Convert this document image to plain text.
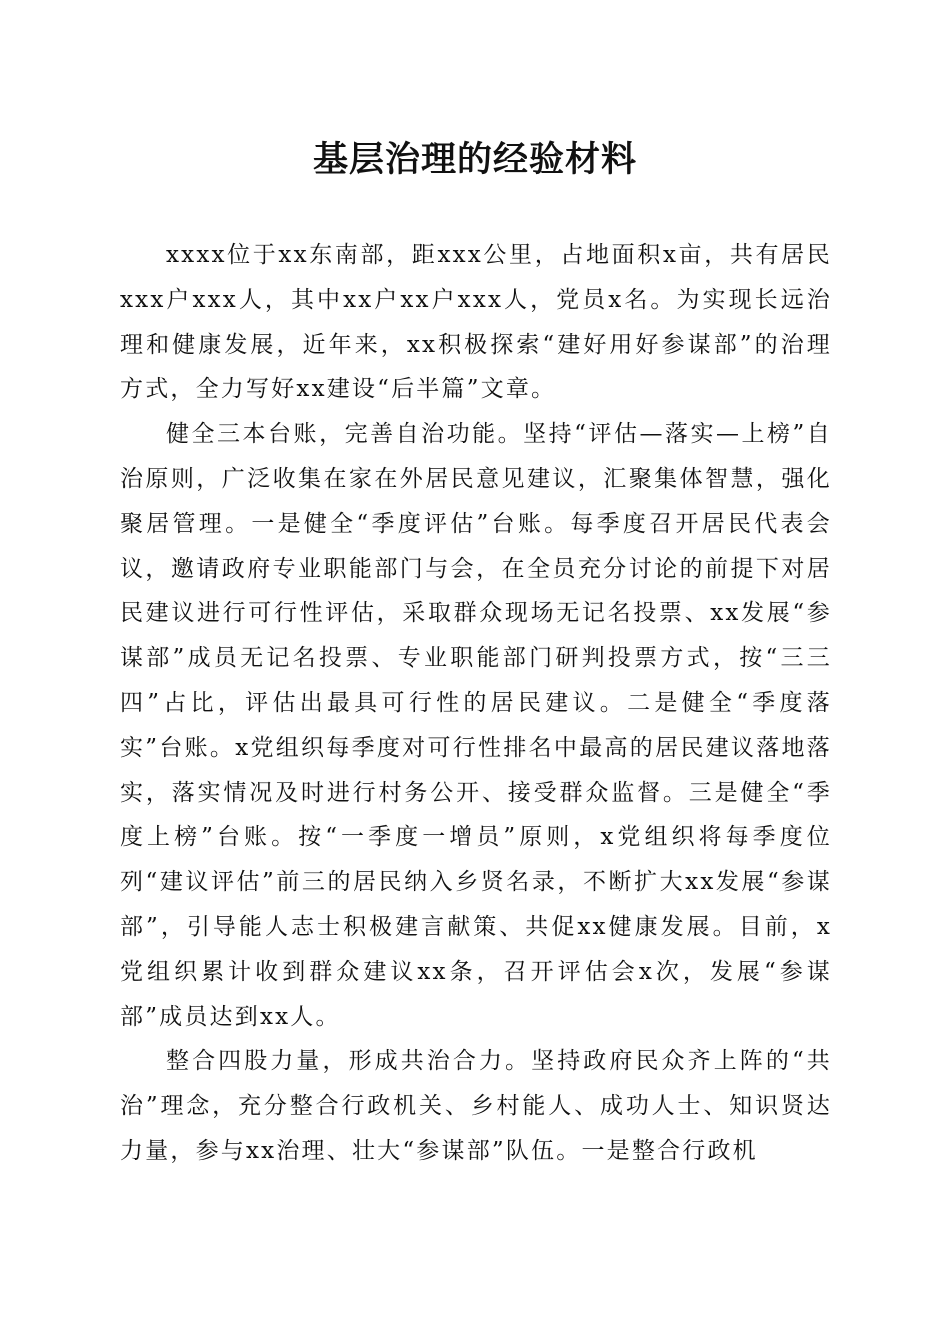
基层治理的经验材料

xxxx位于xx东南部，距xxx公里，占地面积x亩，共有居民xxx户xxx人，其中xx户xx户xxx人，党员x名。为实现长远治理和健康发展，近年来，xx积极探索“建好用好参谋部”的治理方式，全力写好xx建设“后半篇”文章。

健全三本台账，完善自治功能。坚持“评估—落实—上榜”自治原则，广泛收集在家在外居民意见建议，汇聚集体智慧，强化聚居管理。一是健全“季度评估”台账。每季度召开居民代表会议，邀请政府专业职能部门与会，在全员充分讨论的前提下对居民建议进行可行性评估，采取群众现场无记名投票、xx发展“参谋部”成员无记名投票、专业职能部门研判投票方式，按“三三四”占比，评估出最具可行性的居民建议。二是健全“季度落实”台账。x党组织每季度对可行性排名中最高的居民建议落地落实，落实情况及时进行村务公开、接受群众监督。三是健全“季度上榜”台账。按“一季度一增员”原则，x党组织将每季度位列“建议评估”前三的居民纳入乡贤名录，不断扩大xx发展“参谋部”，引导能人志士积极建言献策、共促xx健康发展。目前，x党组织累计收到群众建议xx条，召开评估会x次，发展“参谋部”成员达到xx人。

整合四股力量，形成共治合力。坚持政府民众齐上阵的“共治”理念，充分整合行政机关、乡村能人、成功人士、知识贤达力量，参与xx治理、壮大“参谋部”队伍。一是整合行政机
